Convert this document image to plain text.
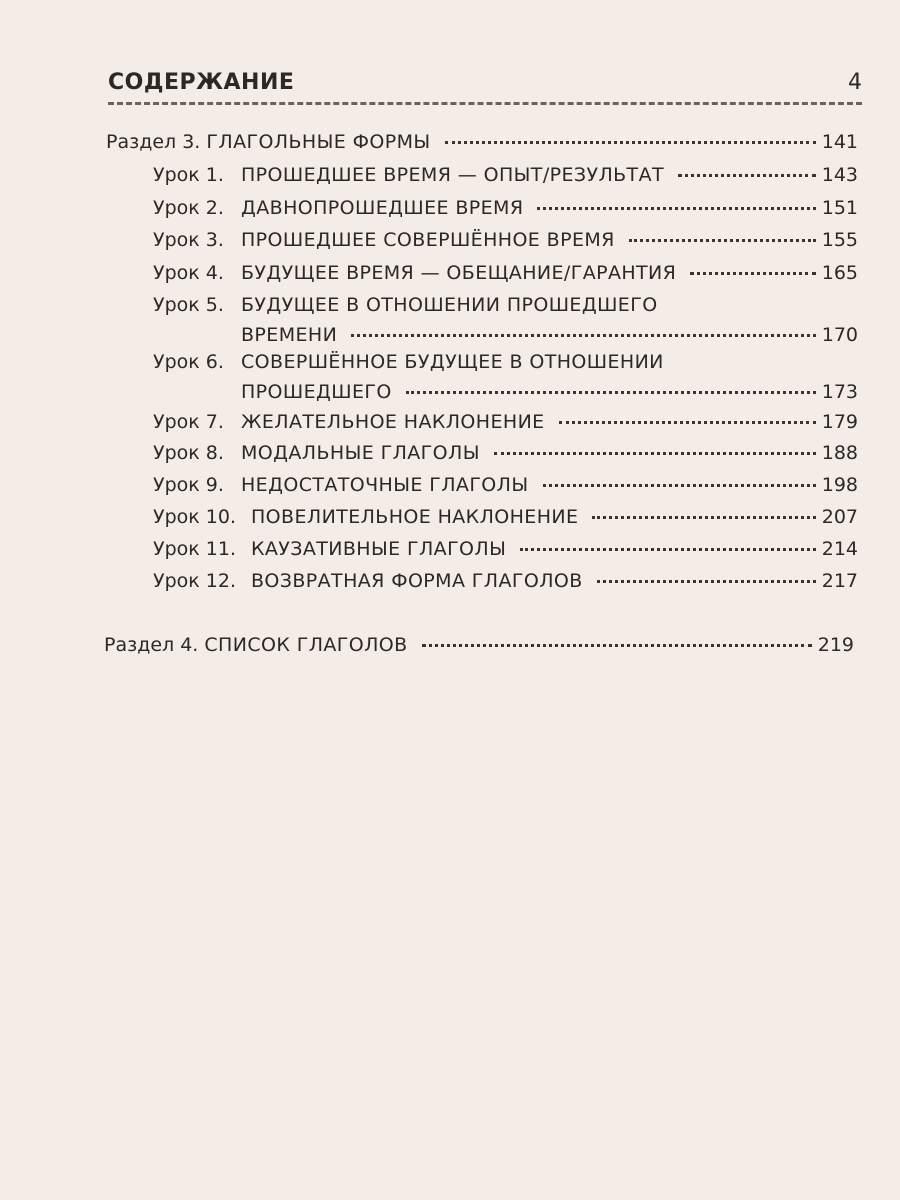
СОДЕРЖАНИЕ	4
Раздел 3.
ГЛАГОЛЬНЫЕ ФОРМЫ	141
Урок 1. ПРОШЕДШЕЕ ВРЕМЯ — ОПЫТ/РЕЗУЛЬТАТ	143
Урок 2. ДАВНОПРОШЕДШЕЕ ВРЕМЯ	151
Урок 3. ПРОШЕДШЕЕ СОВЕРШЁННОЕ ВРЕМЯ	155
Урок 4. БУДУЩЕЕ ВРЕМЯ — ОБЕЩАНИЕ/ГАРАНТИЯ	165
Урок 5. БУДУЩЕЕ В ОТНОШЕНИИ ПРОШЕДШЕГО
ВРЕМЕНИ	170
Урок 6. СОВЕРШЁННОЕ БУДУЩЕЕ В ОТНОШЕНИИ
ПРОШЕДШЕГО	173
Урок 7. ЖЕЛАТЕЛЬНОЕ НАКЛОНЕНИЕ	179
Урок 8. МОДАЛЬНЫЕ ГЛАГОЛЫ	188
Урок 9. НЕДОСТАТОЧНЫЕ ГЛАГОЛЫ	198
Урок 10. ПОВЕЛИТЕЛЬНОЕ НАКЛОНЕНИЕ	207
Урок 11. КАУЗАТИВНЫЕ ГЛАГОЛЫ	214
Урок 12. ВОЗВРАТНАЯ ФОРМА ГЛАГОЛОВ	217
Раздел 4.
СПИСОК ГЛАГОЛОВ	219
